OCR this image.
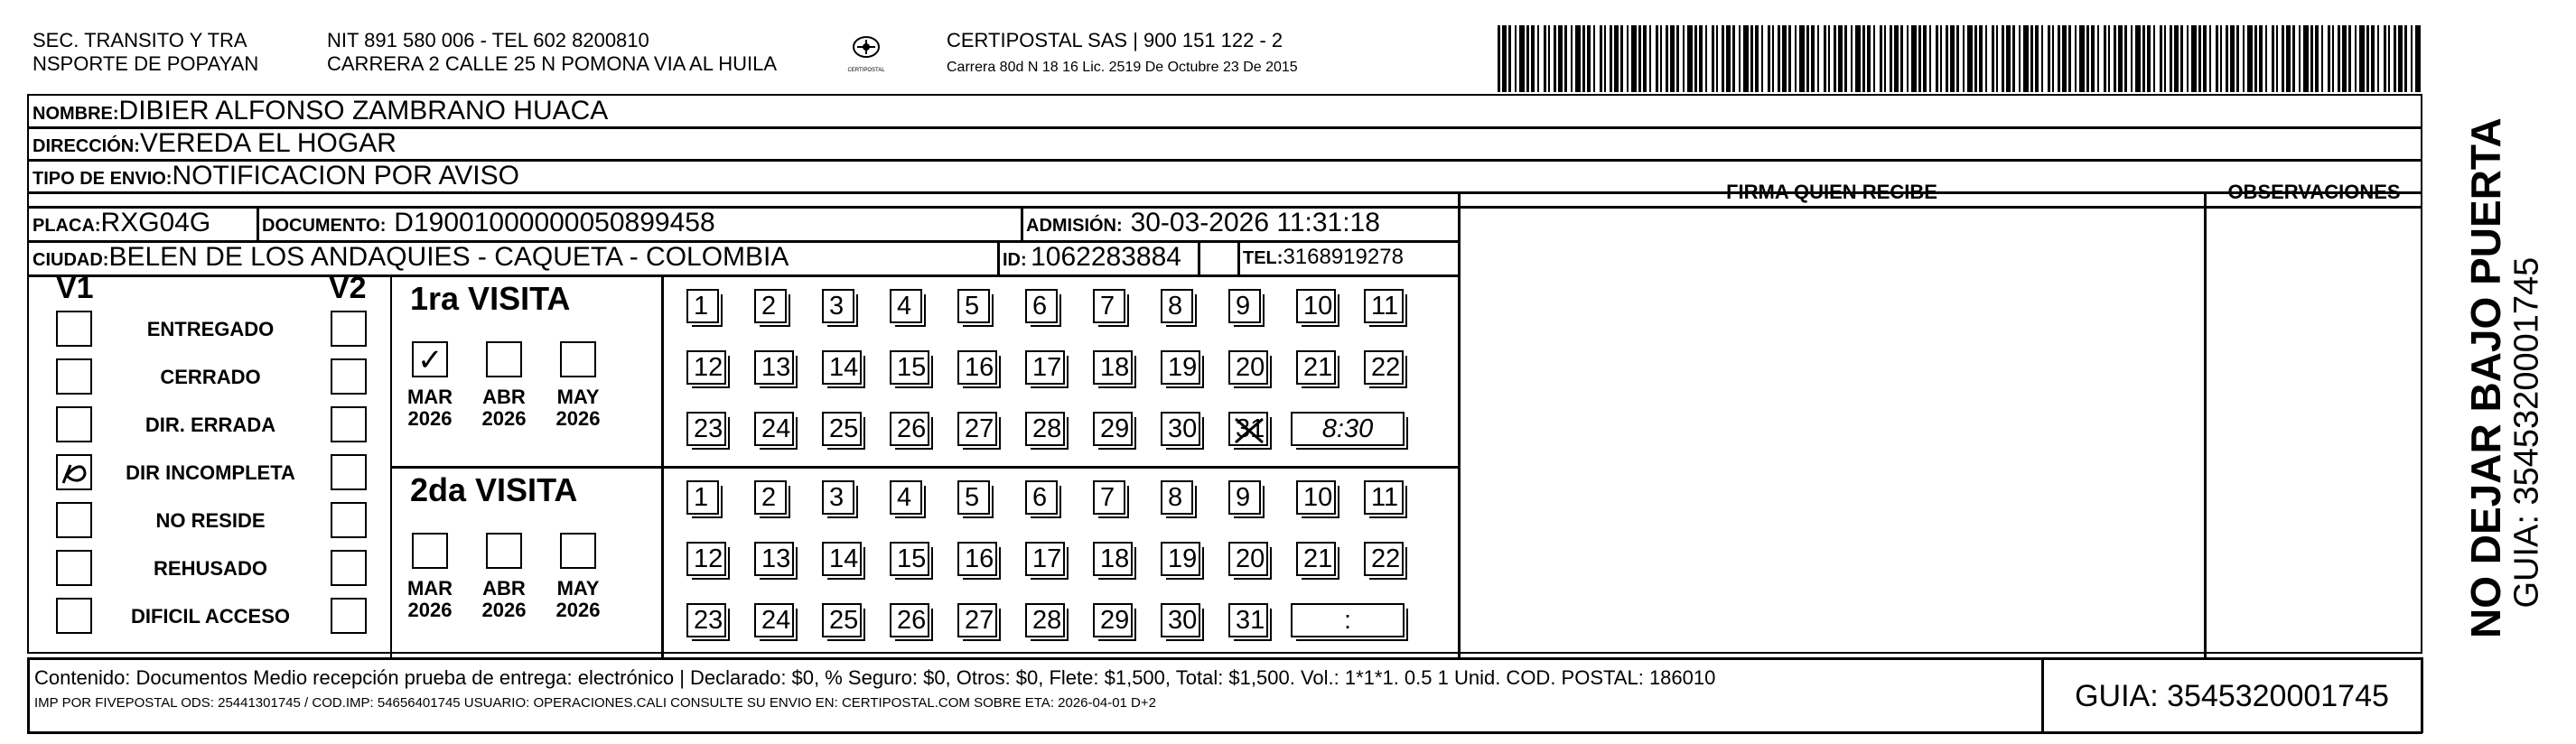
SEC. TRANSITO Y TRA
NSPORTE DE POPAYAN
NIT 891 580 006 - TEL 602 8200810
CARRERA 2 CALLE 25 N POMONA VIA AL HUILA	CERTIPOSTAL
CERTIPOSTAL SAS | 900 151 122 - 2
Carrera 80d N 18 16 Lic. 2519 De Octubre 23 De 2015
NOMBRE:DIBIER ALFONSO ZAMBRANO HUACA
DIRECCIÓN:VEREDA EL HOGAR
TIPO DE ENVIO:NOTIFICACION POR AVISO
PLACA:RXG04G	DOCUMENTO: D19001000000050899458	ADMISIÓN: 30-03-2026 11:31:18
CIUDAD:BELEN DE LOS ANDAQUIES - CAQUETA - COLOMBIA	ID: 1062283884	TEL:3168919278
FIRMA QUIEN RECIBE	OBSERVACIONES
V1	V2
ENTREGADO
CERRADO
DIR. ERRADA
DIR INCOMPLETA
NO RESIDE
REHUSADO
DIFICIL ACCESO
1ra VISITA
2da VISITA
✓
MAR
2026
ABR
2026
MAY
2026
1	2	3	4	5	6	7	8	9	10 11
12 13 14 15 16 17 18 19 20 21 22
23 24 25 26 27 28 29 30 31	8:30
MAR
2026
ABR
2026
MAY
2026
1	2	3	4	5	6	7	8	9	10 11
12 13 14 15 16 17 18 19 20 21 22
23 24 25 26 27 28 29 30 31	:
Contenido: Documentos Medio recepción prueba de entrega: electrónico | Declarado: $0, % Seguro: $0, Otros: $0, Flete: $1,500, Total: $1,500. Vol.: 1*1*1. 0.5 1 Unid. COD. POSTAL: 186010
IMP POR FIVEPOSTAL ODS: 25441301745 / COD.IMP: 54656401745 USUARIO: OPERACIONES.CALI CONSULTE SU ENVIO EN: CERTIPOSTAL.COM SOBRE ETA: 2026-04-01 D+2	GUIA: 3545320001745
NO DEJAR BAJO PUERTA
GUIA: 3545320001745
